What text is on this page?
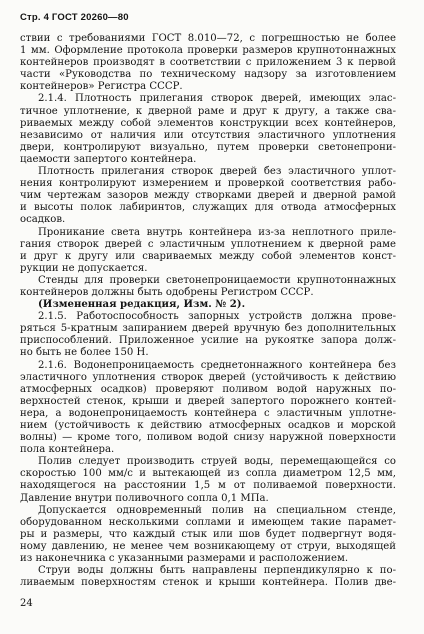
Стр. 4 ГОСТ 20260—80
ствии с требованиями ГОСТ 8.010—72, с погрешностью не более
1 мм. Оформление протокола проверки размеров крупнотоннажных
контейнеров производят в соответствии с приложением 3 к первой
части «Руководства по техническому надзору за изготовлением
контейнеров» Регистра СССР.
2.1.4. Плотность прилегания створок дверей, имеющих элас-
тичное уплотнение, к дверной раме и друг к другу, а также сва-
риваемых между собой элементов конструкции всех контейнеров,
независимо от наличия или отсутствия эластичного уплотнения
двери, контролируют визуально, путем проверки светонепрони-
цаемости запертого контейнера.
Плотность прилегания створок дверей без эластичного уплот-
нения контролируют измерением и проверкой соответствия рабо-
чим чертежам зазоров между створками дверей и дверной рамой
и высоты полок лабиринтов, служащих для отвода атмосферных
осадков.
Проникание света внутрь контейнера из-за неплотного приле-
гания створок дверей с эластичным уплотнением к дверной раме
и друг к другу или свариваемых между собой элементов конст-
рукции не допускается.
Стенды для проверки светонепроницаемости крупнотоннажных
контейнеров должны быть одобрены Регистром СССР.
(Измененная редакция, Изм. № 2).
2.1.5. Работоспособность запорных устройств должна прове-
ряться 5-кратным запиранием дверей вручную без дополнительных
приспособлений. Приложенное усилие на рукоятке запора долж-
но быть не более 150 Н.
2.1.6. Водонепроницаемость среднетоннажного контейнера без
эластичного уплотнения створок дверей (устойчивость к действию
атмосферных осадков) проверяют поливом водой наружных по-
верхностей стенок, крыши и дверей запертого порожнего контей-
нера, а водонепроницаемость контейнера с эластичным уплотне-
нием (устойчивость к действию атмосферных осадков и морской
волны) — кроме того, поливом водой снизу наружной поверхности
пола контейнера.
Полив следует производить струей воды, перемещающейся со
скоростью 100 мм/с и вытекающей из сопла диаметром 12,5 мм,
находящегося на расстоянии 1,5 м от поливаемой поверхности.
Давление внутри поливочного сопла 0,1 МПа.
Допускается одновременный полив на специальном стенде,
оборудованном несколькими соплами и имеющем такие парамет-
ры и размеры, что каждый стык или шов будет подвергнут водя-
ному давлению, не менее чем возникающему от струи, выходящей
из наконечника с указанными размерами и расположением.
Струи воды должны быть направлены перпендикулярно к по-
ливаемым поверхностям стенок и крыши контейнера. Полив две-
24
